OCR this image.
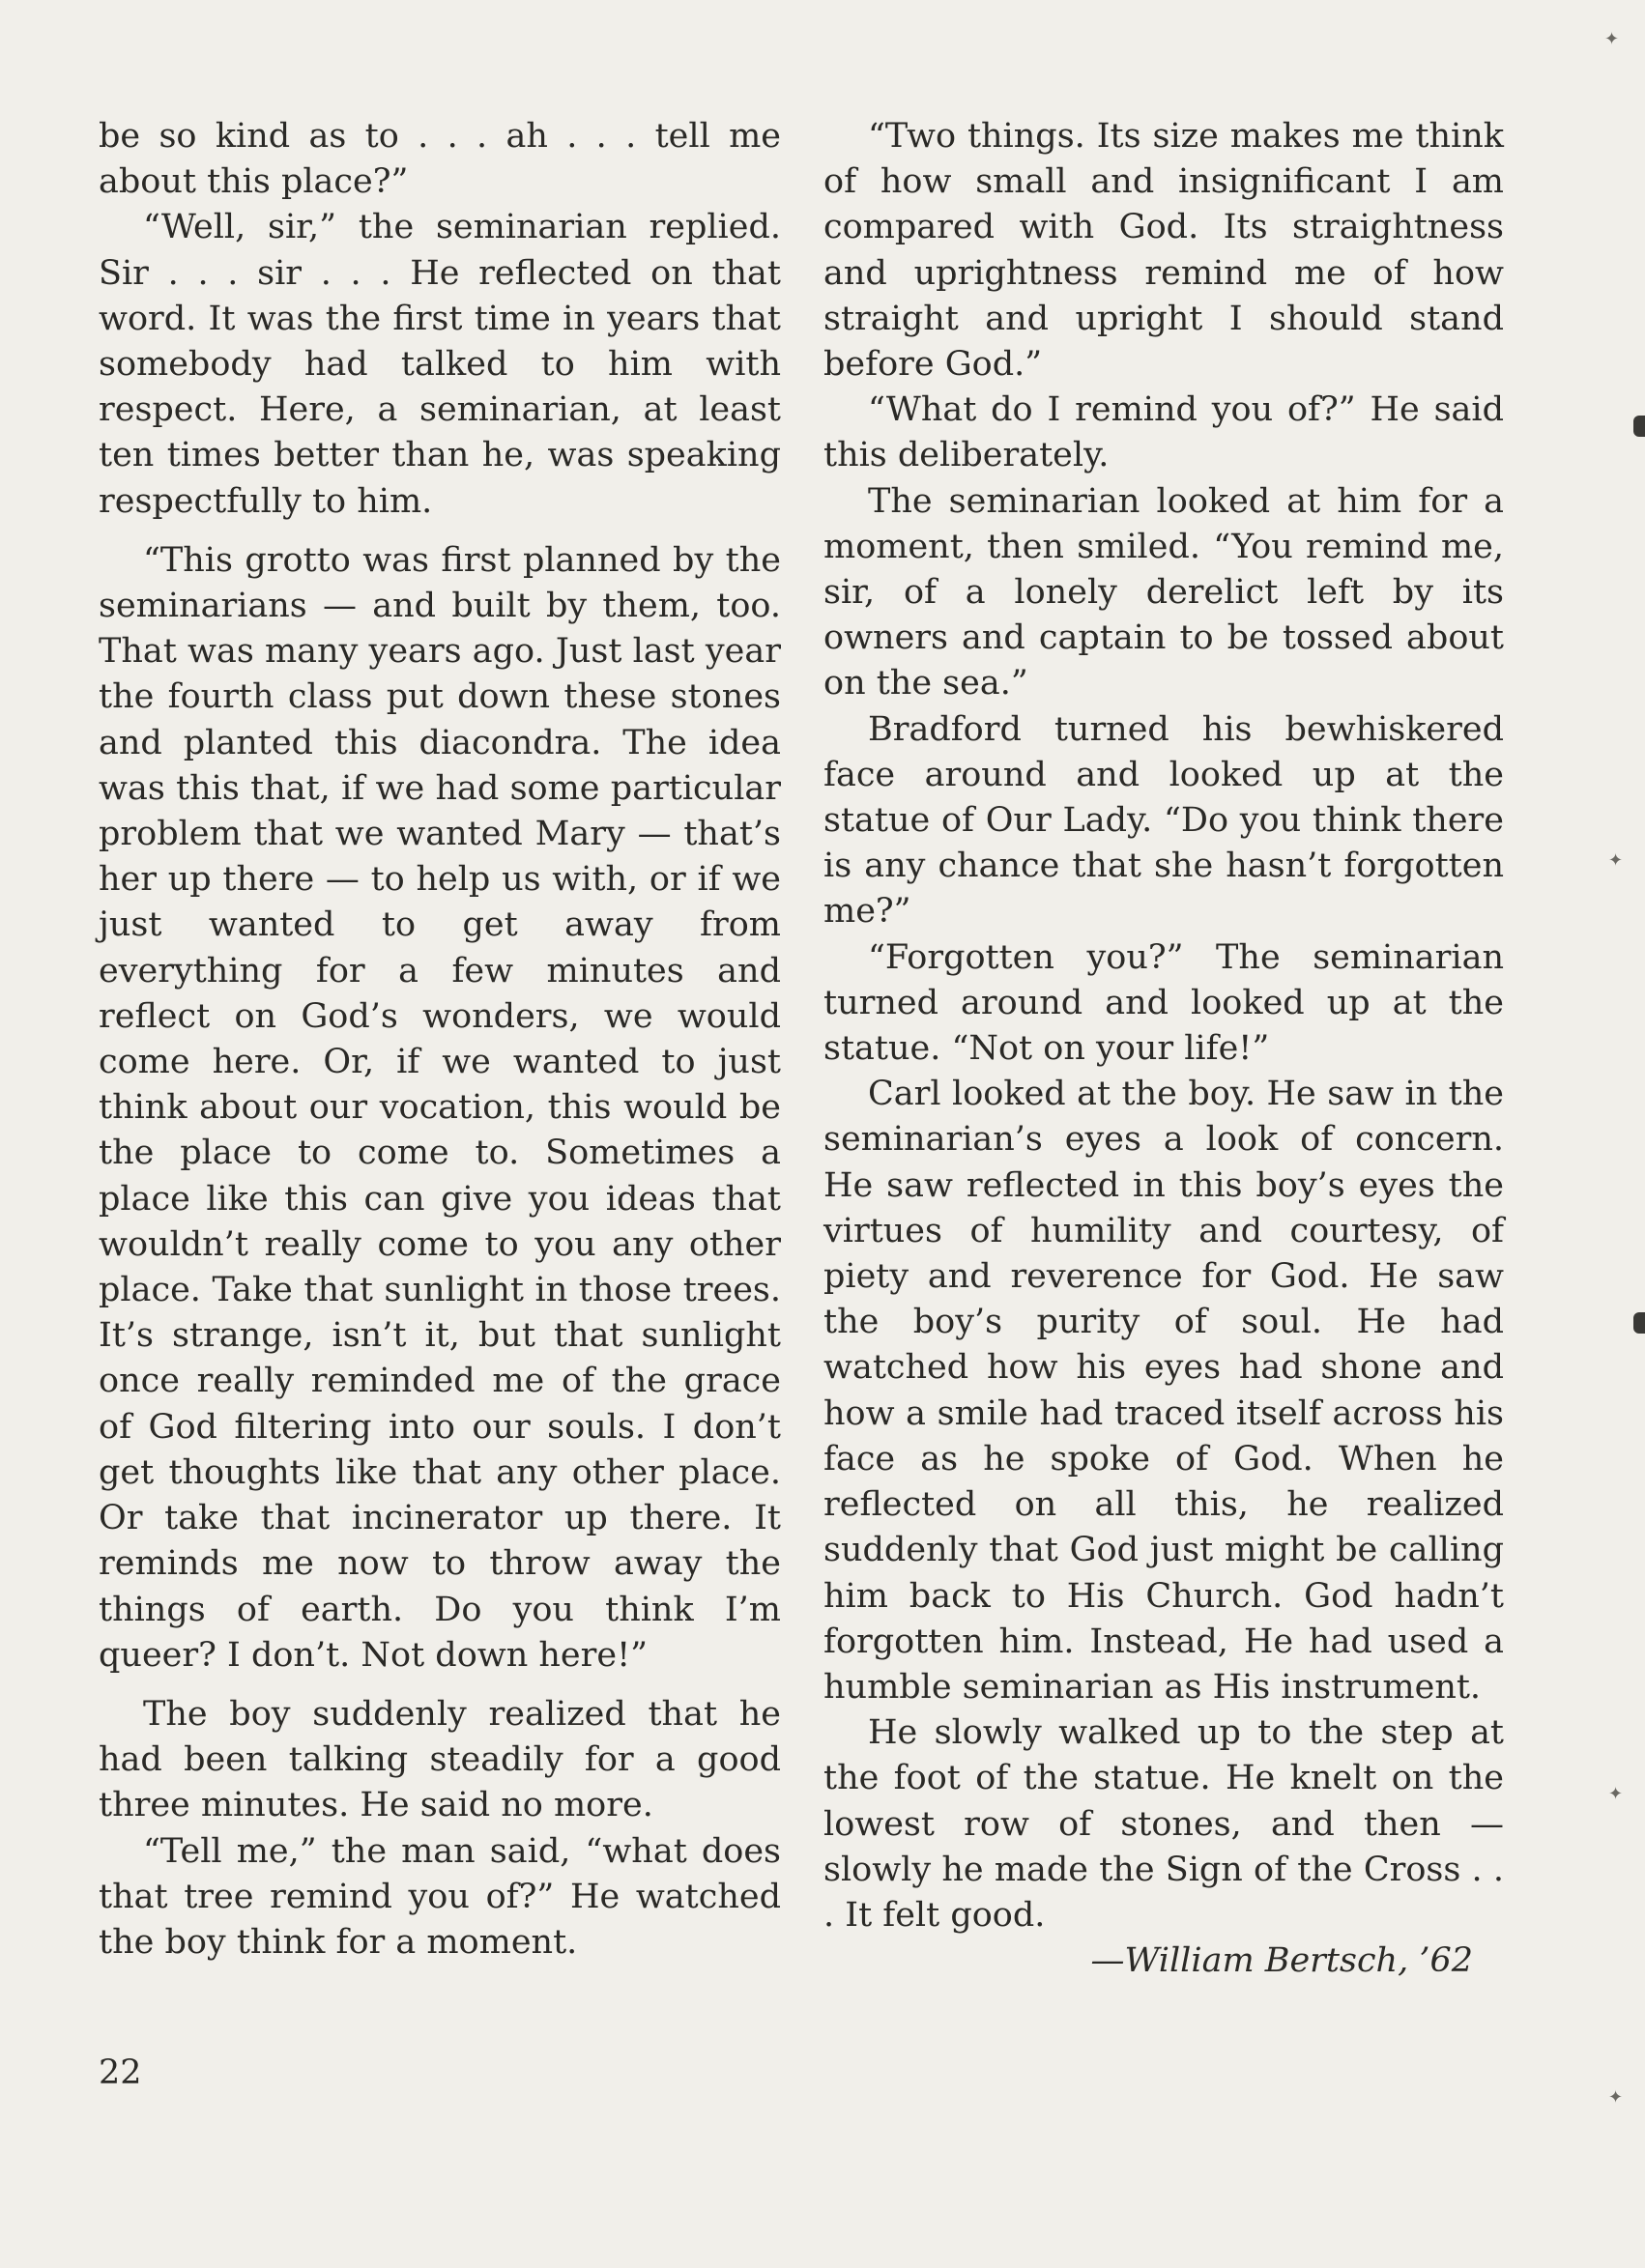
be so kind as to . . . ah . . . tell me about this place?”

“Well, sir,” the seminarian replied. Sir . . . sir . . . He reflected on that word. It was the first time in years that somebody had talked to him with respect. Here, a seminarian, at least ten times better than he, was speaking respectfully to him.

“This grotto was first planned by the seminarians — and built by them, too. That was many years ago. Just last year the fourth class put down these stones and planted this diacondra. The idea was this that, if we had some particular problem that we wanted Mary — that’s her up there — to help us with, or if we just wanted to get away from everything for a few minutes and reflect on God’s wonders, we would come here. Or, if we wanted to just think about our vocation, this would be the place to come to. Sometimes a place like this can give you ideas that wouldn’t really come to you any other place. Take that sunlight in those trees. It’s strange, isn’t it, but that sunlight once really reminded me of the grace of God filtering into our souls. I don’t get thoughts like that any other place. Or take that incinerator up there. It reminds me now to throw away the things of earth. Do you think I’m queer? I don’t. Not down here!”

The boy suddenly realized that he had been talking steadily for a good three minutes. He said no more.

“Tell me,” the man said, “what does that tree remind you of?” He watched the boy think for a moment.

“Two things. Its size makes me think of how small and insignificant I am compared with God. Its straightness and uprightness remind me of how straight and upright I should stand before God.”

“What do I remind you of?” He said this deliberately.

The seminarian looked at him for a moment, then smiled. “You remind me, sir, of a lonely derelict left by its owners and captain to be tossed about on the sea.”

Bradford turned his bewhiskered face around and looked up at the statue of Our Lady. “Do you think there is any chance that she hasn’t forgotten me?”

“Forgotten you?” The seminarian turned around and looked up at the statue. “Not on your life!”

Carl looked at the boy. He saw in the seminarian’s eyes a look of concern. He saw reflected in this boy’s eyes the virtues of humility and courtesy, of piety and reverence for God. He saw the boy’s purity of soul. He had watched how his eyes had shone and how a smile had traced itself across his face as he spoke of God. When he reflected on all this, he realized suddenly that God just might be calling him back to His Church. God hadn’t forgotten him. Instead, He had used a humble seminarian as His instrument.

He slowly walked up to the step at the foot of the statue. He knelt on the lowest row of stones, and then — slowly he made the Sign of the Cross . . . It felt good.

—William Bertsch, ’62

22

✦
✦
✦
✦
